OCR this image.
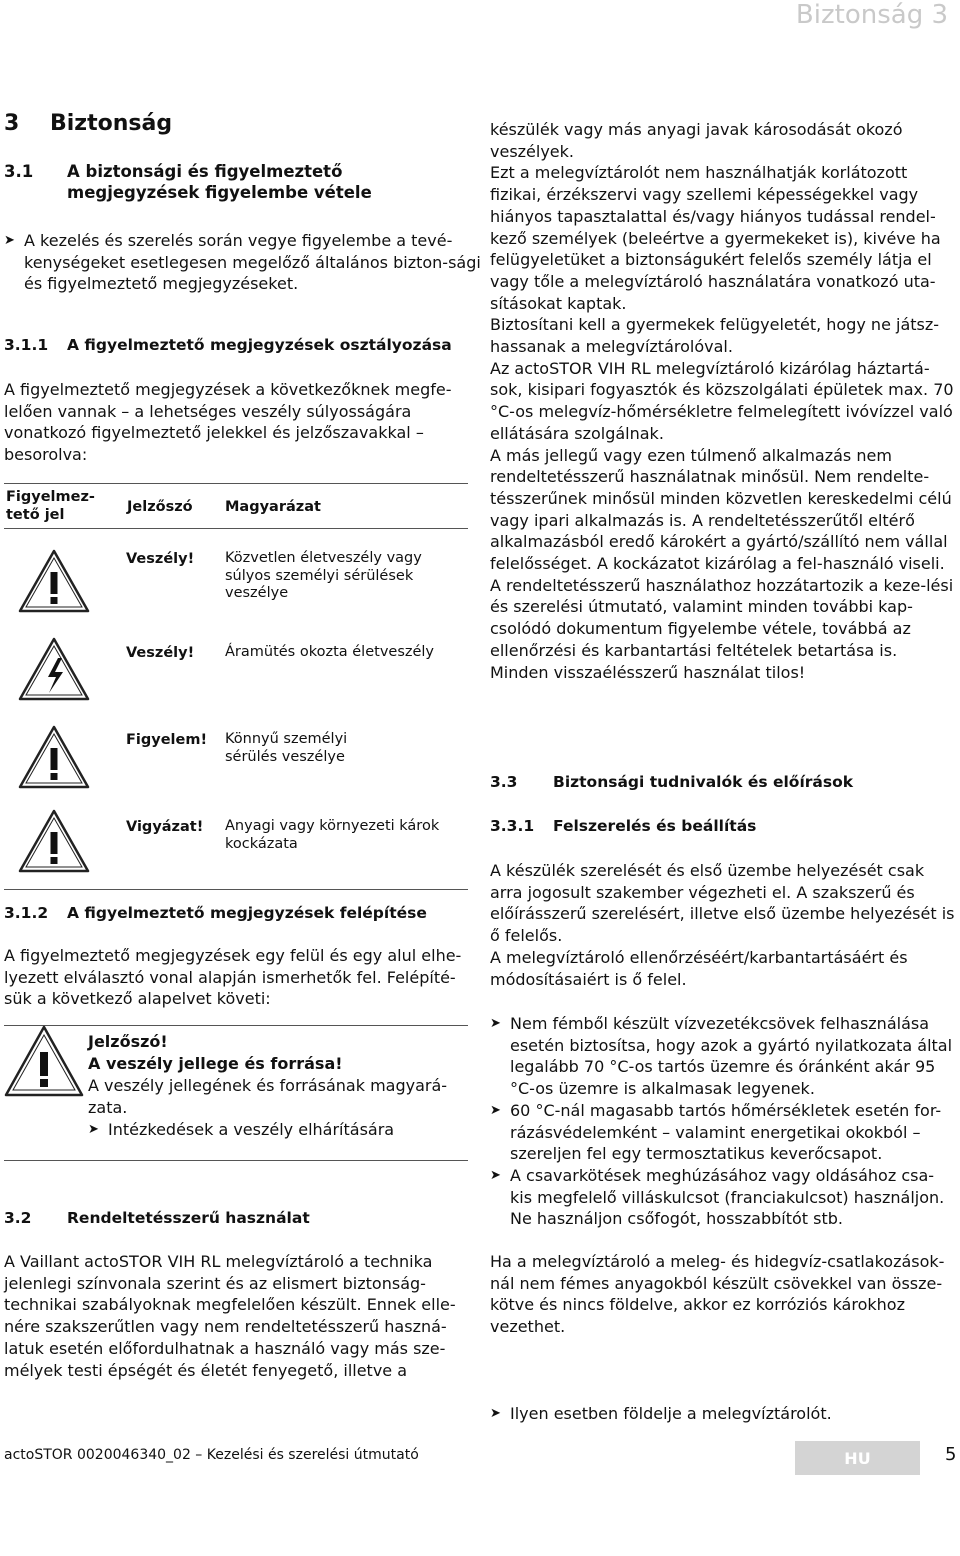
Biztonság 3
3 Biztonság
3.1	A biztonsági és figyelmeztető megjegyzések figyelembe vétele
➤ A kezelés és szerelés során vegye figyelembe a tevé-kenységeket esetlegesen megelőző általános bizton-sági és figyelmeztető megjegyzéseket.
3.1.1	A figyelmeztető megjegyzések osztályozása
A figyelmeztető megjegyzések a következőknek megfe-lelően vannak – a lehetséges veszély súlyosságára vonatkozó figyelmeztető jelekkel és jelzőszavakkal – besorolva:
Figyelmez-tető jel	Jelzőszó Magyarázat
Veszély! Közvetlen életveszély vagy súlyos személyi sérülések veszélye
Veszély! Áramütés okozta életveszély
Figyelem! Könnyű személyi sérülés veszélye
Vigyázat! Anyagi vagy környezeti károk kockázata
3.1.2	A figyelmeztető megjegyzések felépítése
A figyelmeztető megjegyzések egy felül és egy alul elhe-lyezett elválasztó vonal alapján ismerhetők fel. Felépíté-sük a következő alapelvet követi:
Jelzőszó!
A veszély jellege és forrása!
A veszély jellegének és forrásának magyará-zata.
➤ Intézkedések a veszély elhárítására
3.2	Rendeltetésszerű használat
A Vaillant actoSTOR VIH RL melegvíztároló a technika jelenlegi színvonala szerint és az elismert biztonság-technikai szabályoknak megfelelően készült. Ennek elle-nére szakszerűtlen vagy nem rendeltetésszerű haszná-latuk esetén előfordulhatnak a használó vagy más sze-mélyek testi épségét és életét fenyegető, illetve a

készülék vagy más anyagi javak károsodását okozó veszélyek.

Ezt a melegvíztárolót nem használhatják korlátozott fizikai, érzékszervi vagy szellemi képességekkel vagy hiányos tapasztalattal és/vagy hiányos tudással rendel-kező személyek (beleértve a gyermekeket is), kivéve ha felügyeletüket a biztonságukért felelős személy látja el vagy tőle a melegvíztároló használatára vonatkozó uta-sításokat kaptak.

Biztosítani kell a gyermekek felügyeletét, hogy ne játsz-hassanak a melegvíztárolóval.

Az actoSTOR VIH RL melegvíztároló kizárólag háztartá-sok, kisipari fogyasztók és közszolgálati épületek max. 70 °C-os melegvíz-hőmérsékletre felmelegített ivóvízzel való ellátására szolgálnak.

A más jellegű vagy ezen túlmenő alkalmazás nem rendeltetésszerű használatnak minősül. Nem rendelte-tésszerűnek minősül minden közvetlen kereskedelmi célú vagy ipari alkalmazás is. A rendeltetésszerűtől eltérő alkalmazásból eredő károkért a gyártó/szállító nem vállal felelősséget. A kockázatot kizárólag a fel-használó viseli.

A rendeltetésszerű használathoz hozzátartozik a keze-lési és szerelési útmutató, valamint minden további kap-csolódó dokumentum figyelembe vétele, továbbá az ellenőrzési és karbantartási feltételek betartása is.

Minden visszaélésszerű használat tilos!

3.3	Biztonsági tudnivalók és előírások
3.3.1	Felszerelés és beállítás

A készülék szerelését és első üzembe helyezését csak arra jogosult szakember végezheti el. A szakszerű és előírásszerű szerelésért, illetve első üzembe helyezését is ő felelős.

A melegvíztároló ellenőrzéséért/karbantartásáért és módosításaiért is ő felel.

➤ Nem fémből készült vízvezetékcsövek felhasználása esetén biztosítsa, hogy azok a gyártó nyilatkozata által legalább 70 °C-os tartós üzemre és óránként akár 95 °C-os üzemre is alkalmasak legyenek.
➤ 60 °C-nál magasabb tartós hőmérsékletek esetén for-rázásvédelemként – valamint energetikai okokból – szereljen fel egy termosztatikus keverőcsapot.
➤ A csavarkötések meghúzásához vagy oldásához csa-kis megfelelő villáskulcsot (franciakulcsot) használjon. Ne használjon csőfogót, hosszabbítót stb.
Ha a melegvíztároló a meleg- és hidegvíz-csatlakozások-nál nem fémes anyagokból készült csövekkel van össze-kötve és nincs földelve, akkor ez korróziós károkhoz vezethet.
➤ Ilyen esetben földelje a melegvíztárolót.
actoSTOR 0020046340_02 – Kezelési és szerelési útmutató	HU	5
